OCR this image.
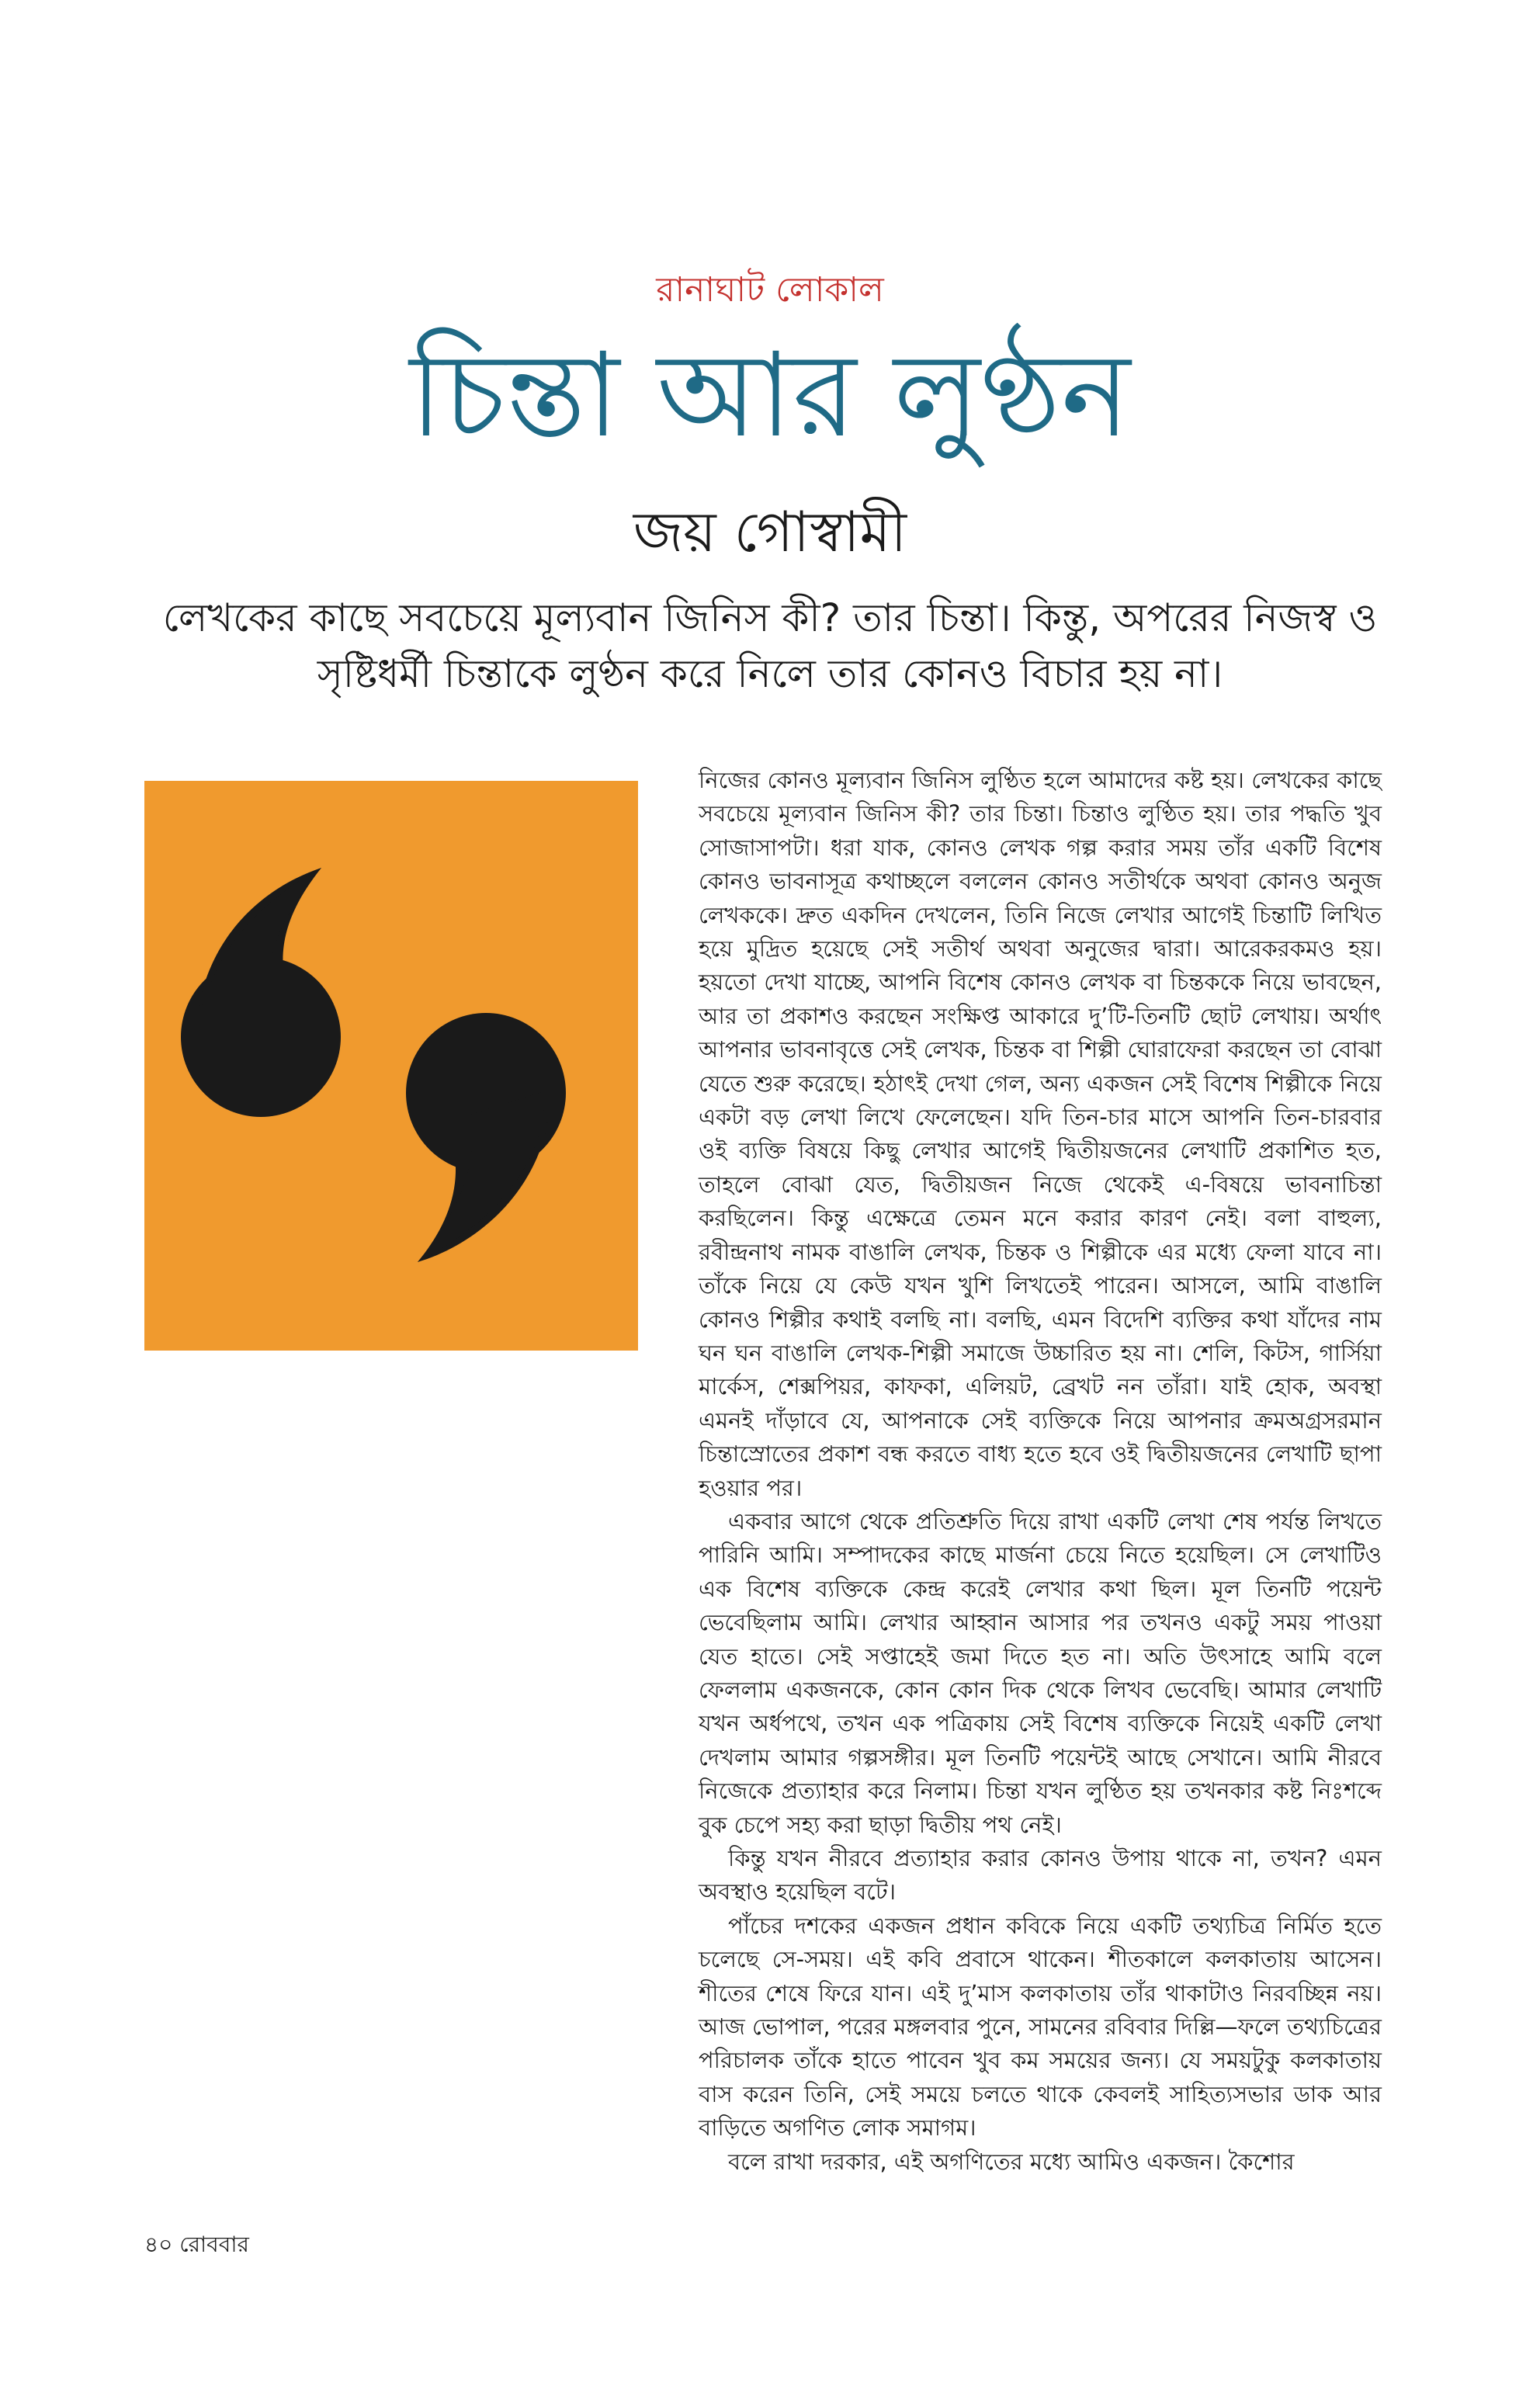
রানাঘাট লোকাল
চিন্তা আর লুণ্ঠন
জয় গোস্বামী
লেখকের কাছে সবচেয়ে মূল্যবান জিনিস কী? তার চিন্তা। কিন্তু, অপরের নিজস্ব ও সৃষ্টিধর্মী চিন্তাকে লুণ্ঠন করে নিলে তার কোনও বিচার হয় না।

নিজের কোনও মূল্যবান জিনিস লুণ্ঠিত হলে আমাদের কষ্ট হয়। লেখকের কাছে সবচেয়ে মূল্যবান জিনিস কী? তার চিন্তা। চিন্তাও লুণ্ঠিত হয়। তার পদ্ধতি খুব সোজাসাপটা। ধরা যাক, কোনও লেখক গল্প করার সময় তাঁর একটি বিশেষ কোনও ভাবনাসূত্র কথাচ্ছলে বললেন কোনও সতীর্থকে অথবা কোনও অনুজ লেখককে। দ্রুত একদিন দেখলেন, তিনি নিজে লেখার আগেই চিন্তাটি লিখিত হয়ে মুদ্রিত হয়েছে সেই সতীর্থ অথবা অনুজের দ্বারা। আরেকরকমও হয়। হয়তো দেখা যাচ্ছে, আপনি বিশেষ কোনও লেখক বা চিন্তককে নিয়ে ভাবছেন, আর তা প্রকাশও করছেন সংক্ষিপ্ত আকারে দু’টি-তিনটি ছোট লেখায়। অর্থাৎ আপনার ভাবনাবৃত্তে সেই লেখক, চিন্তক বা শিল্পী ঘোরাফেরা করছেন তা বোঝা যেতে শুরু করেছে। হঠাৎই দেখা গেল, অন্য একজন সেই বিশেষ শিল্পীকে নিয়ে একটা বড় লেখা লিখে ফেলেছেন। যদি তিন-চার মাসে আপনি তিন-চারবার ওই ব্যক্তি বিষয়ে কিছু লেখার আগেই দ্বিতীয়জনের লেখাটি প্রকাশিত হত, তাহলে বোঝা যেত, দ্বিতীয়জন নিজে থেকেই এ-বিষয়ে ভাবনাচিন্তা করছিলেন। কিন্তু এক্ষেত্রে তেমন মনে করার কারণ নেই। বলা বাহুল্য, রবীন্দ্রনাথ নামক বাঙালি লেখক, চিন্তক ও শিল্পীকে এর মধ্যে ফেলা যাবে না। তাঁকে নিয়ে যে কেউ যখন খুশি লিখতেই পারেন। আসলে, আমি বাঙালি কোনও শিল্পীর কথাই বলছি না। বলছি, এমন বিদেশি ব্যক্তির কথা যাঁদের নাম ঘন ঘন বাঙালি লেখক-শিল্পী সমাজে উচ্চারিত হয় না। শেলি, কিটস, গার্সিয়া মার্কেস, শেক্সপিয়র, কাফকা, এলিয়ট, ব্রেখট নন তাঁরা। যাই হোক, অবস্থা এমনই দাঁড়াবে যে, আপনাকে সেই ব্যক্তিকে নিয়ে আপনার ক্রমঅগ্রসরমান চিন্তাস্রোতের প্রকাশ বন্ধ করতে বাধ্য হতে হবে ওই দ্বিতীয়জনের লেখাটি ছাপা হওয়ার পর।

একবার আগে থেকে প্রতিশ্রুতি দিয়ে রাখা একটি লেখা শেষ পর্যন্ত লিখতে পারিনি আমি। সম্পাদকের কাছে মার্জনা চেয়ে নিতে হয়েছিল। সে লেখাটিও এক বিশেষ ব্যক্তিকে কেন্দ্র করেই লেখার কথা ছিল। মূল তিনটি পয়েন্ট ভেবেছিলাম আমি। লেখার আহ্বান আসার পর তখনও একটু সময় পাওয়া যেত হাতে। সেই সপ্তাহেই জমা দিতে হত না। অতি উৎসাহে আমি বলে ফেললাম একজনকে, কোন কোন দিক থেকে লিখব ভেবেছি। আমার লেখাটি যখন অর্ধপথে, তখন এক পত্রিকায় সেই বিশেষ ব্যক্তিকে নিয়েই একটি লেখা দেখলাম আমার গল্পসঙ্গীর। মূল তিনটি পয়েন্টই আছে সেখানে। আমি নীরবে নিজেকে প্রত্যাহার করে নিলাম। চিন্তা যখন লুণ্ঠিত হয় তখনকার কষ্ট নিঃশব্দে বুক চেপে সহ্য করা ছাড়া দ্বিতীয় পথ নেই।

কিন্তু যখন নীরবে প্রত্যাহার করার কোনও উপায় থাকে না, তখন? এমন অবস্থাও হয়েছিল বটে।

পাঁচের দশকের একজন প্রধান কবিকে নিয়ে একটি তথ্যচিত্র নির্মিত হতে চলেছে সে-সময়। এই কবি প্রবাসে থাকেন। শীতকালে কলকাতায় আসেন। শীতের শেষে ফিরে যান। এই দু’মাস কলকাতায় তাঁর থাকাটাও নিরবচ্ছিন্ন নয়। আজ ভোপাল, পরের মঙ্গলবার পুনে, সামনের রবিবার দিল্লি—ফলে তথ্যচিত্রের পরিচালক তাঁকে হাতে পাবেন খুব কম সময়ের জন্য। যে সময়টুকু কলকাতায় বাস করেন তিনি, সেই সময়ে চলতে থাকে কেবলই সাহিত্যসভার ডাক আর বাড়িতে অগণিত লোক সমাগম।

বলে রাখা দরকার, এই অগণিতের মধ্যে আমিও একজন। কৈশোর

৪০ রোববার
